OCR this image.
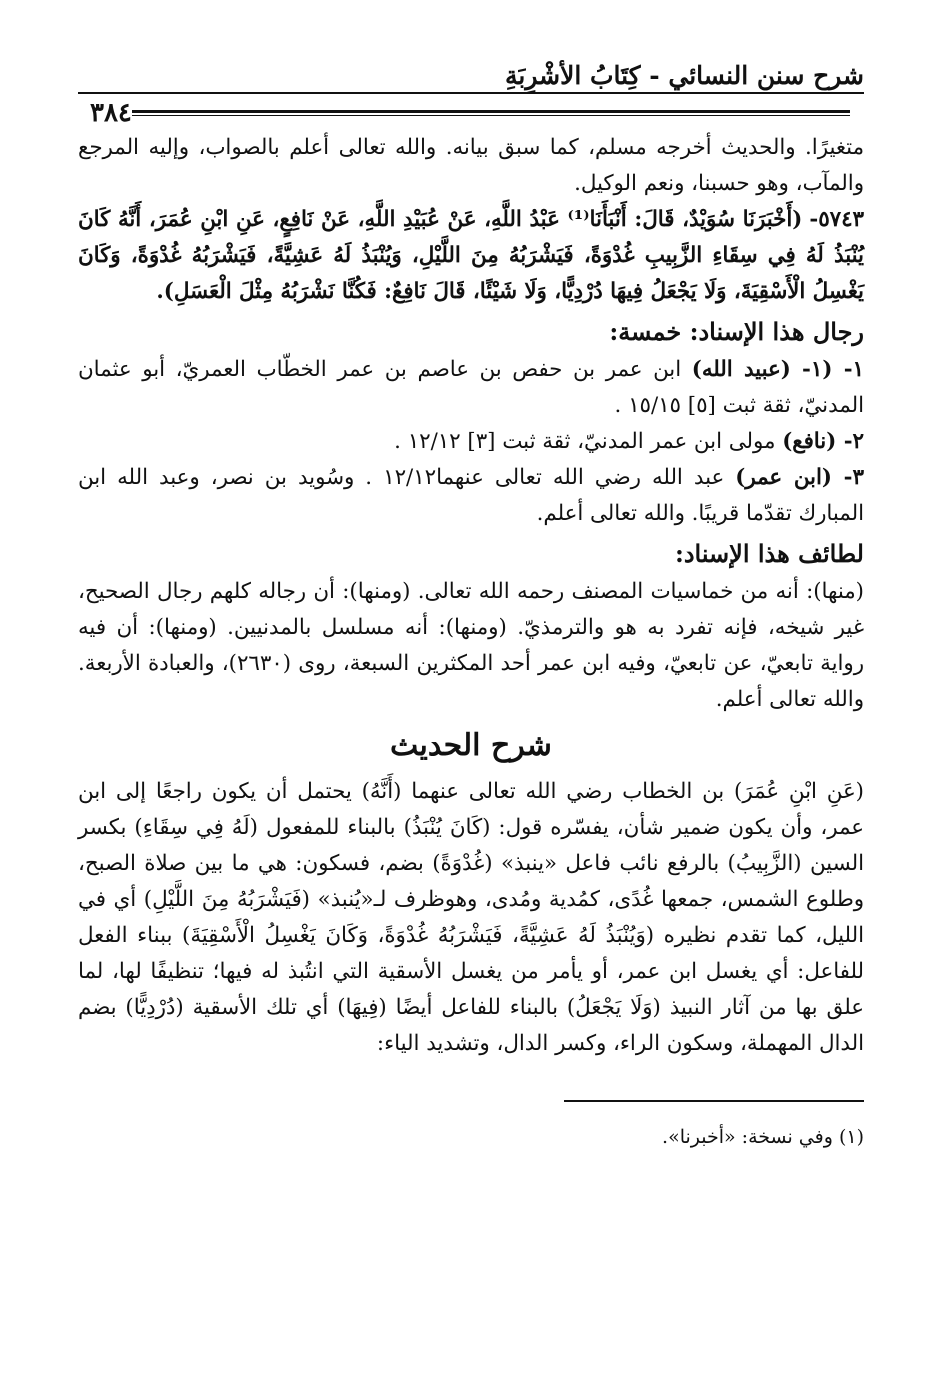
شرح سنن النسائي - كِتَابُ الأشْرِبَةِ
٣٨٤

متغيرًا. والحديث أخرجه مسلم، كما سبق بيانه. والله تعالى أعلم بالصواب، وإليه المرجع والمآب، وهو حسبنا، ونعم الوكيل.

٥٧٤٣- (أَخْبَرَنَا سُوَيْدٌ، قَالَ: أَنْبَأَنَا⁽¹⁾ عَبْدُ اللَّهِ، عَنْ عُبَيْدِ اللَّهِ، عَنْ نَافِعٍ، عَنِ ابْنِ عُمَرَ، أَنَّهُ كَانَ يُنْبَذُ لَهُ فِي سِقَاءِ الزَّبِيبِ غُدْوَةً، فَيَشْرَبُهُ مِنَ اللَّيْلِ، وَيُنْبَذُ لَهُ عَشِيَّةً، فَيَشْرَبُهُ غُدْوَةً، وَكَانَ يَغْسِلُ الْأَسْقِيَةَ، وَلَا يَجْعَلُ فِيهَا دُرْدِيًّا، وَلَا شَيْئًا، قَالَ نَافِعٌ: فَكُنَّا نَشْرَبُهُ مِثْلَ الْعَسَلِ).

رجال هذا الإسناد: خمسة:

١- (١- (عبيد الله) ابن عمر بن حفص بن عاصم بن عمر الخطّاب العمريّ، أبو عثمان المدنيّ، ثقة ثبت [٥] ١٥/١٥ .

٢- (نافع) مولى ابن عمر المدنيّ، ثقة ثبت [٣] ١٢/١٢ .

٣- (ابن عمر) عبد الله رضي الله تعالى عنهما١٢/١٢ . وسُويد بن نصر، وعبد الله ابن المبارك تقدّما قريبًا. والله تعالى أعلم.

لطائف هذا الإسناد:

(منها): أنه من خماسيات المصنف رحمه الله تعالى. (ومنها): أن رجاله كلهم رجال الصحيح، غير شيخه، فإنه تفرد به هو والترمذيّ. (ومنها): أنه مسلسل بالمدنيين. (ومنها): أن فيه رواية تابعيّ، عن تابعيّ، وفيه ابن عمر أحد المكثرين السبعة، روى (٢٦٣٠)، والعبادة الأربعة. والله تعالى أعلم.

شرح الحديث

(عَنِ ابْنِ عُمَرَ) بن الخطاب رضي الله تعالى عنهما (أَنَّهُ) يحتمل أن يكون راجعًا إلى ابن عمر، وأن يكون ضمير شأن، يفسّره قول: (كَانَ يُنْبَذُ) بالبناء للمفعول (لَهُ فِي سِقَاءِ) بكسر السين (الزَّبِيبُ) بالرفع نائب فاعل «ينبذ» (غُدْوَةً) بضم، فسكون: هي ما بين صلاة الصبح، وطلوع الشمس، جمعها غُدًى، كمُدية ومُدى، وهوظرف لـ«يُنبذ» (فَيَشْرَبُهُ مِنَ اللَّيْلِ) أي في الليل، كما تقدم نظيره (وَيُنْبَذُ لَهُ عَشِيَّةً، فَيَشْرَبُهُ غُدْوَةً، وَكَانَ يَغْسِلُ الْأَسْقِيَةَ) ببناء الفعل للفاعل: أي يغسل ابن عمر، أو يأمر من يغسل الأسقية التي انتُبذ له فيها؛ تنظيفًا لها، لما علق بها من آثار النبيذ (وَلَا يَجْعَلُ) بالبناء للفاعل أيضًا (فِيهَا) أي تلك الأسقية (دُرْدِيًّا) بضم الدال المهملة، وسكون الراء، وكسر الدال، وتشديد الياء:

(١) وفي نسخة: «أخبرنا».
